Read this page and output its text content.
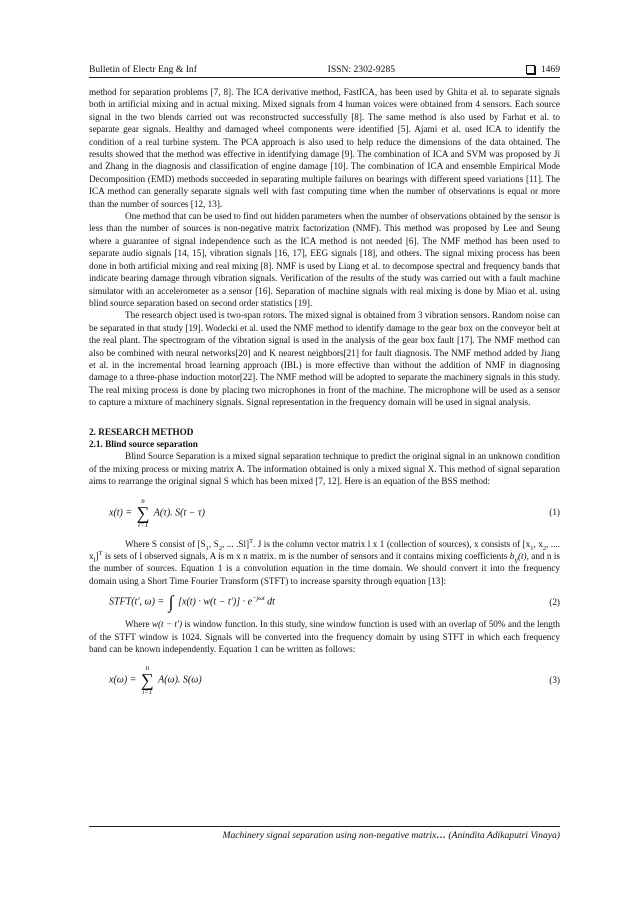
Bulletin of Electr Eng & Inf	ISSN: 2302-9285	1469

method for separation problems [7, 8]. The ICA derivative method, FastICA, has been used by Ghita et al. to separate signals both in artificial mixing and in actual mixing. Mixed signals from 4 human voices were obtained from 4 sensors. Each source signal in the two blends carried out was reconstructed successfully [8]. The same method is also used by Farhat et al. to separate gear signals. Healthy and damaged wheel components were identified [5]. Ajami et al. used ICA to identify the condition of a real turbine system. The PCA approach is also used to help reduce the dimensions of the data obtained. The results showed that the method was effective in identifying damage [9]. The combination of ICA and SVM was proposed by Ji and Zhang in the diagnosis and classification of engine damage [10]. The combination of ICA and ensemble Empirical Mode Decomposition (EMD) methods succeeded in separating multiple failures on bearings with different speed variations [11]. The ICA method can generally separate signals well with fast computing time when the number of observations is equal or more than the number of sources [12, 13].

One method that can be used to find out hidden parameters when the number of observations obtained by the sensor is less than the number of sources is non-negative matrix factorization (NMF). This method was proposed by Lee and Seung where a guarantee of signal independence such as the ICA method is not needed [6]. The NMF method has been used to separate audio signals [14, 15], vibration signals [16, 17], EEG signals [18], and others. The signal mixing process has been done in both artificial mixing and real mixing [8]. NMF is used by Liang et al. to decompose spectral and frequency bands that indicate bearing damage through vibration signals. Verification of the results of the study was carried out with a fault machine simulator with an accelerometer as a sensor [16]. Separation of machine signals with real mixing is done by Miao et al. using blind source separation based on second order statistics [19].

The research object used is two-span rotors. The mixed signal is obtained from 3 vibration sensors. Random noise can be separated in that study [19]. Wodecki et al. used the NMF method to identify damage to the gear box on the conveyor belt at the real plant. The spectrogram of the vibration signal is used in the analysis of the gear box fault [17]. The NMF method can also be combined with neural networks[20] and K nearest neighbors[21] for fault diagnosis. The NMF method added by Jiang et al. in the incremental broad learning approach (IBL) is more effective than without the addition of NMF in diagnosing damage to a three-phase induction motor[22]. The NMF method will be adopted to separate the machinery signals in this study. The real mixing process is done by placing two microphones in front of the machine. The microphone will be used as a sensor to capture a mixture of machinery signals. Signal representation in the frequency domain will be used in signal analysis.

2. RESEARCH METHOD

2.1. Blind source separation

Blind Source Separation is a mixed signal separation technique to predict the original signal in an unknown condition of the mixing process or mixing matrix A. The information obtained is only a mixed signal X. This method of signal separation aims to rearrange the original signal S which has been mixed [7, 12]. Here is an equation of the BSS method:

x(t) =
n
∑
i=1
A(τ). S(t − τ)	(1)

Where S consist of [$S_1$, $S_2$, ... .Sl]$^T$. J is the column vector matrix l x 1 (collection of sources), x consists of [$x_1$, $x_2$, .... $x_l]^T$ is sets of l observed signals, A is m x n matrix. m is the number of sensors and it contains mixing coefficients $b_{ij}(t)$, and n is the number of sources. Equation 1 is a convolution equation in the time domain. We should convert it into the frequency domain using a Short Time Fourier Transform (STFT) to increase sparsity through equation [13]:

STFT(t′, ω) = ∫ $[x(t) \cdot w(t - t')] \cdot e^{-j\omega t}$ dt	(2)

Where w(t − t′) is window function. In this study, sine window function is used with an overlap of 50% and the length of the STFT window is 1024. Signals will be converted into the frequency domain by using STFT in which each frequency band can be known independently. Equation 1 can be written as follows:

x(ω) =
n
∑
i=1
A(ω). S(ω)	(3)
Machinery signal separation using non-negative matrix… (Anindita Adikaputri Vinaya)
